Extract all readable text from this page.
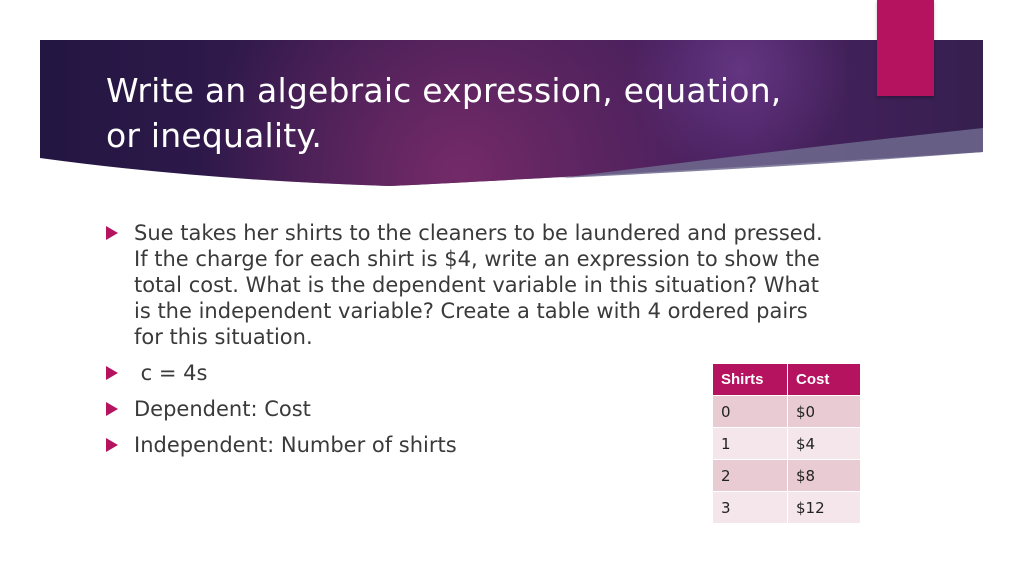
Write an algebraic expression, equation, or inequality.
Sue takes her shirts to the cleaners to be laundered and pressed. If the charge for each shirt is $4, write an expression to show the total cost. What is the dependent variable in this situation? What is the independent variable? Create a table with 4 ordered pairs for this situation.
c = 4s
Dependent: Cost
Independent: Number of shirts
Shirts	Cost
0	$0
1	$4
2	$8
3	$12
